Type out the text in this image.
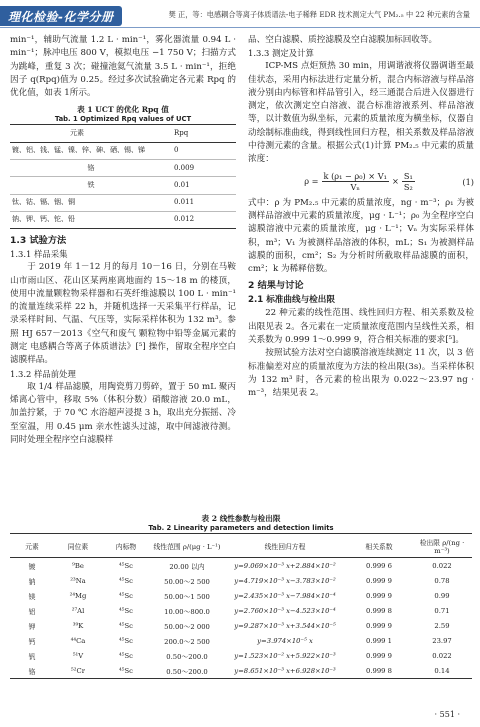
理化检验-化学分册	樊 正，等：电感耦合等离子体质谱法-电子稀释 EDR 技术测定大气 PM₂.₅ 中 22 种元素的含量

min⁻¹，辅助气流量 1.2 L · min⁻¹，雾化器流量 0.94 L · min⁻¹；脉冲电压 800 V，模拟电压 −1 750 V；扫描方式为跳峰，重复 3 次；碰撞池氦气流量 3.5 L · min⁻¹，拒绝因子 q(Rpq)值为 0.25。经过多次试验确定各元素 Rpq 的优化值，如表 1所示。

表 1 UCT 的优化 Rpq 值
Tab. 1 Optimized Rpq values of UCT
元素	Rpq
镀、铝、钱、锰、镍、锌、砷、硒、锡、锑	0
铬	0.009
铁	0.01
钛、钴、镉、铟、铜	0.011
钠、钾、钙、铊、铅	0.012
1.3 试验方法
1.3.1 样品采集

于 2019 年 1－12 月的每月 10－16 日，分别在马鞍山市雨山区、花山区某两座离地面约 15～18 m 的楼顶，使用中流量颗粒物采样器和石英纤维滤膜以 100 L · min⁻¹ 的流量连续采样 22 h，并随机选择一天采集平行样品，记录采样时间、气温、气压等，实际采样体积为 132 m³。参照 HJ 657－2013《空气和废气 颗粒物中铅等金属元素的测定 电感耦合等离子体质谱法》[⁵] 操作，留取全程序空白滤膜样品。

1.3.2 样品前处理

取 1/4 样品滤膜，用陶瓷剪刀剪碎，置于 50 mL 聚丙烯离心管中，移取 5%（体积分数）硝酸溶液 20.0 mL，加盖拧紧，于 70 ℃ 水浴超声浸提 3 h，取出充分振摇、冷至室温，用 0.45 μm 亲水性滤头过滤，取中间滤液待测。同时处理全程序空白滤膜样

品、空白滤膜、质控滤膜及空白滤膜加标回收等。

1.3.3 测定及计算

ICP-MS 点炬预热 30 min，用调谐液将仪器调谐至最佳状态，采用内标法进行定量分析，混合内标溶液与样品溶液分别由内标管和样品管引入，经三通混合后进入仪器进行测定，依次测定空白溶液、混合标准溶液系列、样品溶液等，以计数值为纵坐标，元素的质量浓度为横坐标，仪器自动绘制标准曲线，得到线性回归方程，相关系数及样品溶液中待测元素的含量。根据公式(1)计算 PM₂.₅ 中元素的质量浓度：

$\rho = \frac{\text{k (ρ₁ − ρ₀) × V₁}}{\text{Vₙ}} \times \frac{\text{S₁}}{\text{S₂}}$	(1)

式中：ρ 为 PM₂.₅ 中元素的质量浓度，ng · m⁻³；ρ₁ 为被测样品溶液中元素的质量浓度，μg · L⁻¹；ρ₀ 为全程序空白滤膜溶液中元素的质量浓度，μg · L⁻¹；Vₙ 为实际采样体积，m³；V₁ 为被测样品溶液的体积，mL；S₁ 为被测样品滤膜的面积，cm²；S₂ 为分析时所截取样品滤膜的面积，cm²；k 为稀释倍数。

2 结果与讨论
2.1 标准曲线与检出限

22 种元素的线性范围、线性回归方程、相关系数及检出限见表 2。各元素在一定质量浓度范围内呈线性关系，相关系数为 0.999 1～0.999 9，符合相关标准的要求[⁵]。

按照试验方法对空白滤膜溶液连续测定 11 次，以 3 倍标准偏差对应的质量浓度为方法的检出限(3s)。当采样体积为 132 m³ 时，各元素的检出限为 0.022～23.97 ng · m⁻³，结果见表 2。

表 2 线性参数与检出限
Tab. 2 Linearity parameters and detection limits
元素	同位素	内标物	线性范围 ρ/(μg · L⁻¹)	线性回归方程	相关系数	检出限 ρ/(ng · m⁻³)
镀	⁹Be	⁴⁵Sc	20.00 以内	y=9.069×10⁻³ x+2.884×10⁻²	0.999 6	0.022
钠	²³Na	⁴⁵Sc	50.00～2 500	y=4.719×10⁻³ x−3.783×10⁻²	0.999 9	0.78
镁	²⁴Mg	⁴⁵Sc	50.00～1 500	y=2.435×10⁻³ x−7.984×10⁻⁴	0.999 9	0.99
铝	²⁷Al	⁴⁵Sc	10.00～800.0	y=2.760×10⁻³ x−4.523×10⁻⁴	0.999 8	0.71
钾	³⁹K	⁴⁵Sc	50.00～2 000	y=9.287×10⁻³ x+3.544×10⁻⁵	0.999 9	2.59
钙	⁴⁴Ca	⁴⁵Sc	200.0～2 500	y=3.974×10⁻⁵ x	0.999 1	23.97
钒	⁵¹V	⁴⁵Sc	0.50～200.0	y=1.523×10⁻² x+5.922×10⁻³	0.999 9	0.022
铬	⁵²Cr	⁴⁵Sc	0.50～200.0	y=8.651×10⁻³ x+6.928×10⁻³	0.999 8	0.14
· 551 ·
